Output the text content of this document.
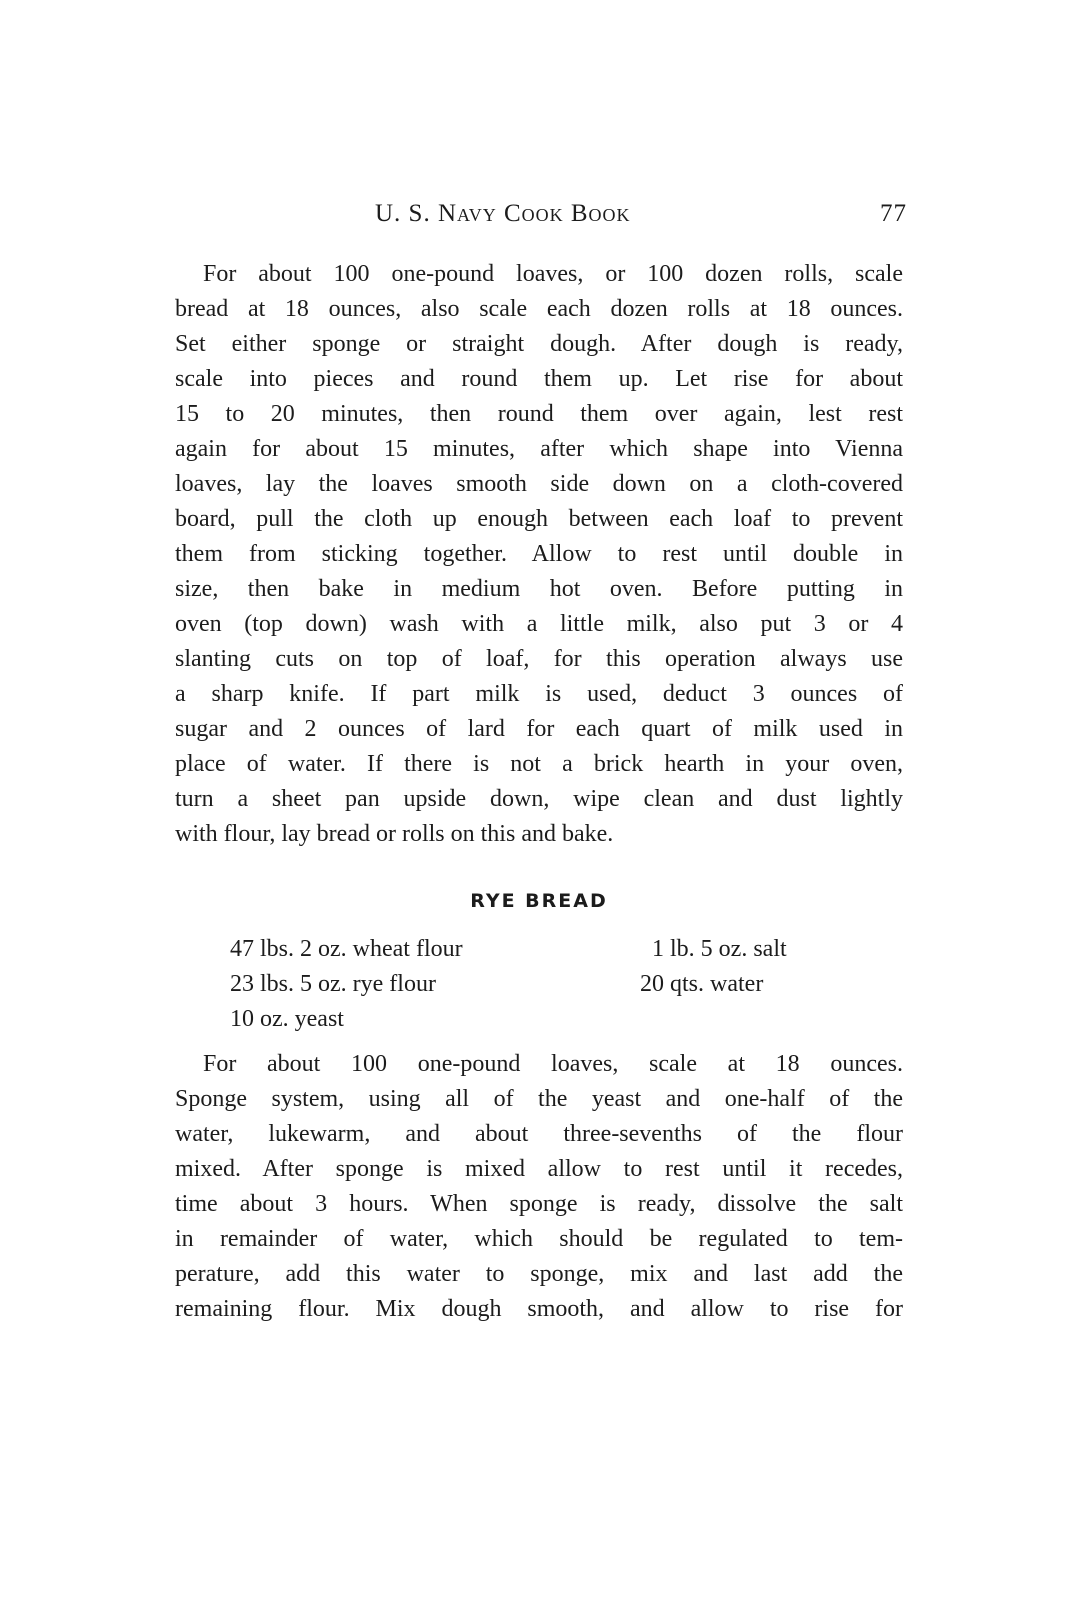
U. S. Navy Cook Book	77
For about 100 one-pound loaves, or 100 dozen rolls, scale
bread at 18 ounces, also scale each dozen rolls at 18 ounces.
Set either sponge or straight dough. After dough is ready,
scale into pieces and round them up. Let rise for about
15 to 20 minutes, then round them over again, lest rest
again for about 15 minutes, after which shape into Vienna
loaves, lay the loaves smooth side down on a cloth-covered
board, pull the cloth up enough between each loaf to prevent
them from sticking together. Allow to rest until double in
size, then bake in medium hot oven. Before putting in
oven (top down) wash with a little milk, also put 3 or 4
slanting cuts on top of loaf, for this operation always use
a sharp knife. If part milk is used, deduct 3 ounces of
sugar and 2 ounces of lard for each quart of milk used in
place of water. If there is not a brick hearth in your oven,
turn a sheet pan upside down, wipe clean and dust lightly
with flour, lay bread or rolls on this and bake.
RYE BREAD
47 lbs. 2 oz. wheat flour
23 lbs. 5 oz. rye flour
10 oz. yeast
1 lb. 5 oz. salt
20 qts. water
For about 100 one-pound loaves, scale at 18 ounces.
Sponge system, using all of the yeast and one-half of the
water, lukewarm, and about three-sevenths of the flour
mixed. After sponge is mixed allow to rest until it recedes,
time about 3 hours. When sponge is ready, dissolve the salt
in remainder of water, which should be regulated to tem-
perature, add this water to sponge, mix and last add the
remaining flour. Mix dough smooth, and allow to rise for
